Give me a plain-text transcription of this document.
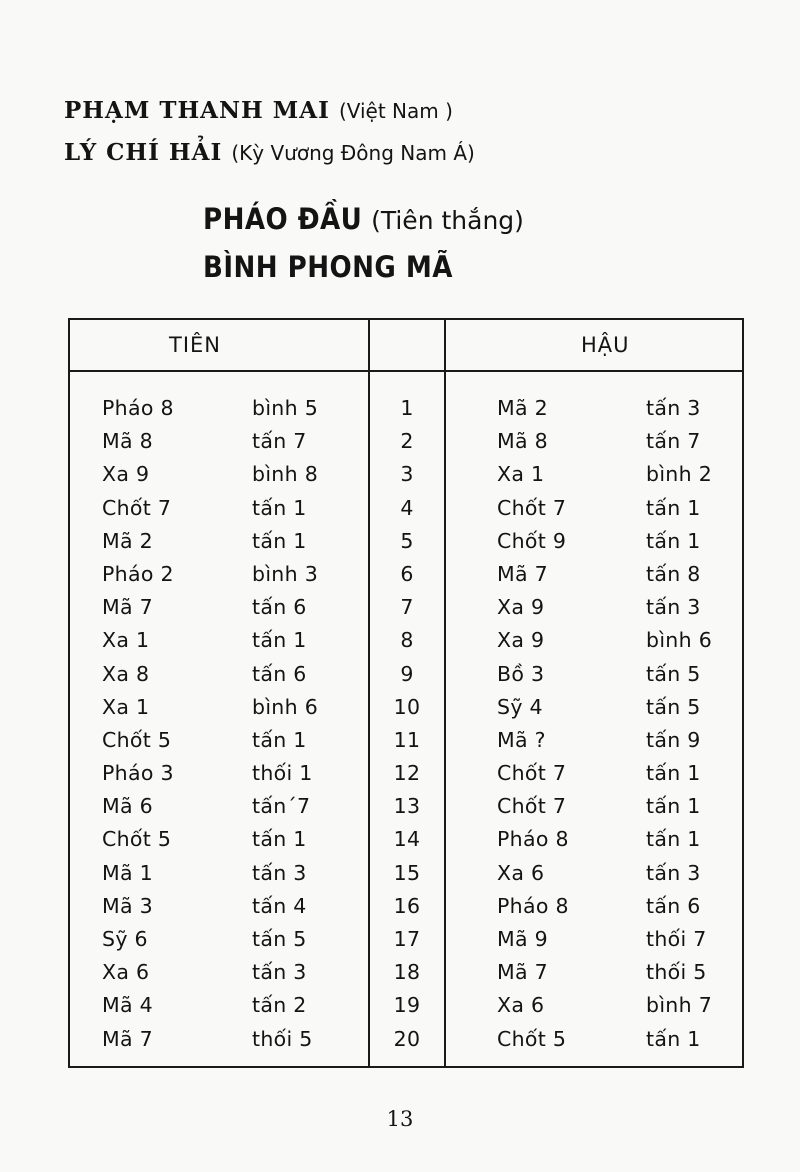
PHẠM THANH MAI (Việt Nam )
LÝ CHÍ HẢI (Kỳ Vương Đông Nam Á)
PHÁO ĐẦU (Tiên thắng)
BÌNH PHONG MÃ
TIÊN	HẬU
Pháo 8	bình 5	1	Mã 2	tấn 3
Mã 8	tấn 7	2	Mã 8	tấn 7
Xa 9	bình 8	3	Xa 1	bình 2
Chốt 7	tấn 1	4	Chốt 7	tấn 1
Mã 2	tấn 1	5	Chốt 9	tấn 1
Pháo 2	bình 3	6	Mã 7	tấn 8
Mã 7	tấn 6	7	Xa 9	tấn 3
Xa 1	tấn 1	8	Xa 9	bình 6
Xa 8	tấn 6	9	Bồ 3	tấn 5
Xa 1	bình 6	10	Sỹ 4	tấn 5
Chốt 5	tấn 1	11	Mã ?	tấn 9
Pháo 3	thối 1	12	Chốt 7	tấn 1
Mã 6	tấn´7	13	Chốt 7	tấn 1
Chốt 5	tấn 1	14	Pháo 8	tấn 1
Mã 1	tấn 3	15	Xa 6	tấn 3
Mã 3	tấn 4	16	Pháo 8	tấn 6
Sỹ 6	tấn 5	17	Mã 9	thối 7
Xa 6	tấn 3	18	Mã 7	thối 5
Mã 4	tấn 2	19	Xa 6	bình 7
Mã 7	thối 5	20	Chốt 5	tấn 1
13
